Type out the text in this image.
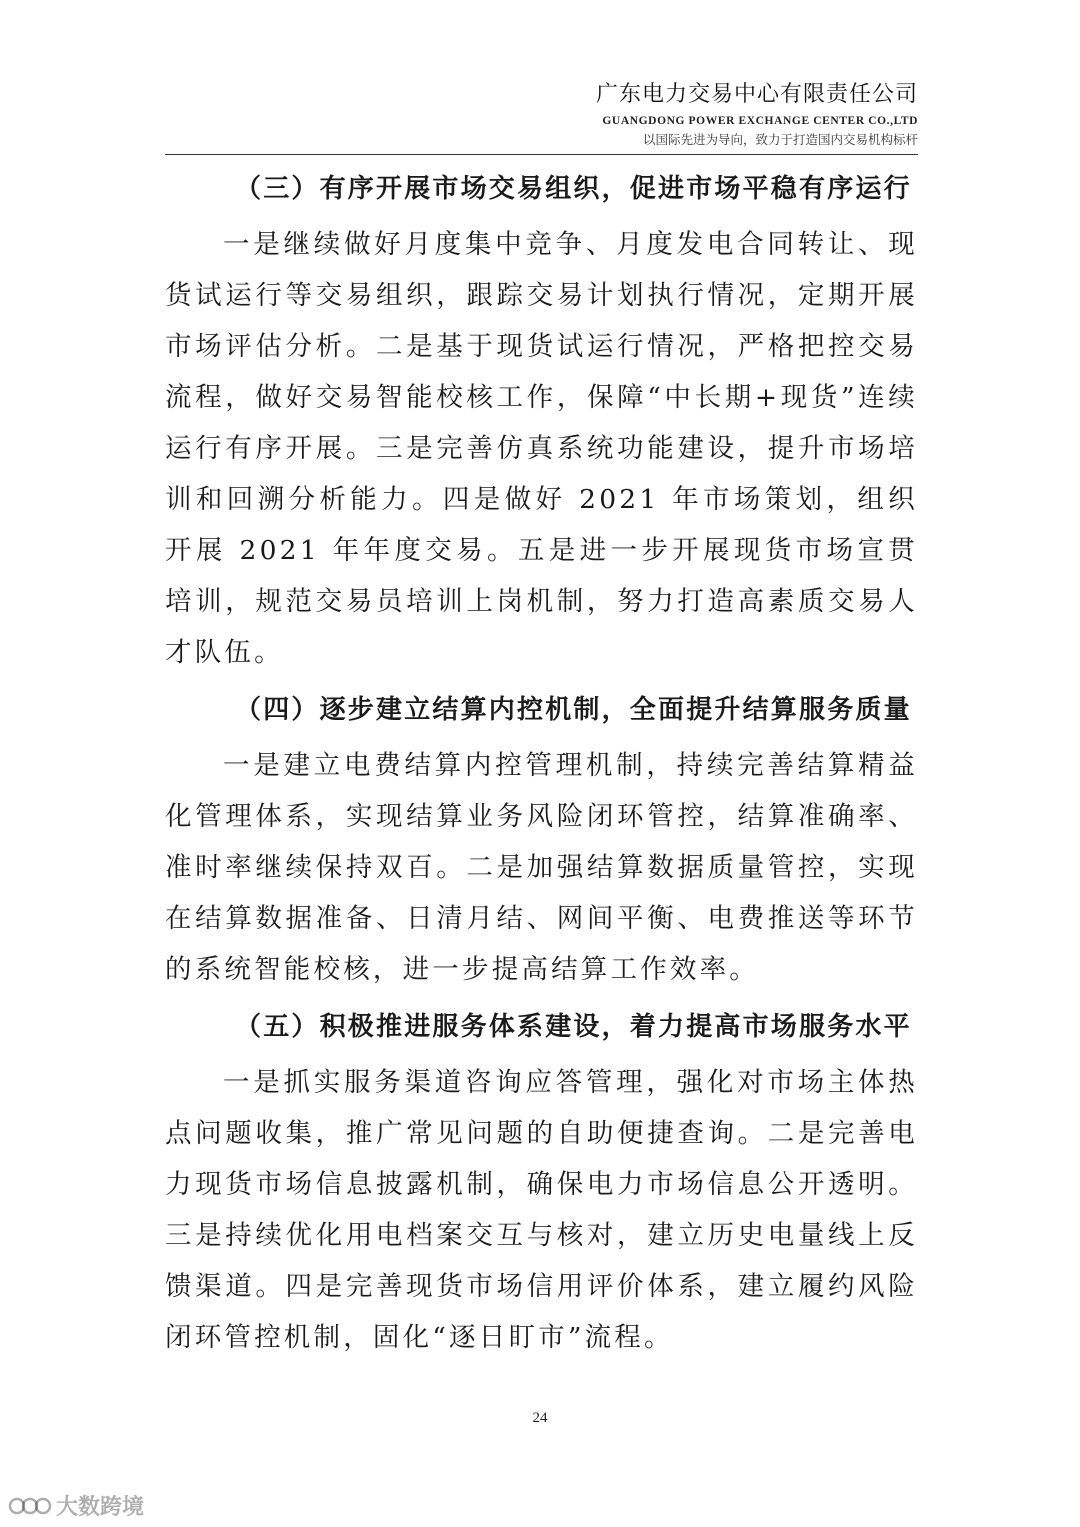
广东电力交易中心有限责任公司
GUANGDONG POWER EXCHANGE CENTER CO.,LTD
以国际先进为导向，致力于打造国内交易机构标杆
（三）有序开展市场交易组织，促进市场平稳有序运行

一是继续做好月度集中竞争、月度发电合同转让、现货试运行等交易组织，跟踪交易计划执行情况，定期开展市场评估分析。二是基于现货试运行情况，严格把控交易流程，做好交易智能校核工作，保障“中长期+现货”连续运行有序开展。三是完善仿真系统功能建设，提升市场培训和回溯分析能力。四是做好 2021 年市场策划，组织开展 2021 年年度交易。五是进一步开展现货市场宣贯培训，规范交易员培训上岗机制，努力打造高素质交易人才队伍。

（四）逐步建立结算内控机制，全面提升结算服务质量

一是建立电费结算内控管理机制，持续完善结算精益化管理体系，实现结算业务风险闭环管控，结算准确率、准时率继续保持双百。二是加强结算数据质量管控，实现在结算数据准备、日清月结、网间平衡、电费推送等环节的系统智能校核，进一步提高结算工作效率。

（五）积极推进服务体系建设，着力提高市场服务水平

一是抓实服务渠道咨询应答管理，强化对市场主体热点问题收集，推广常见问题的自助便捷查询。二是完善电力现货市场信息披露机制，确保电力市场信息公开透明。三是持续优化用电档案交互与核对，建立历史电量线上反馈渠道。四是完善现货市场信用评价体系，建立履约风险闭环管控机制，固化“逐日盯市”流程。

24
大数跨境
